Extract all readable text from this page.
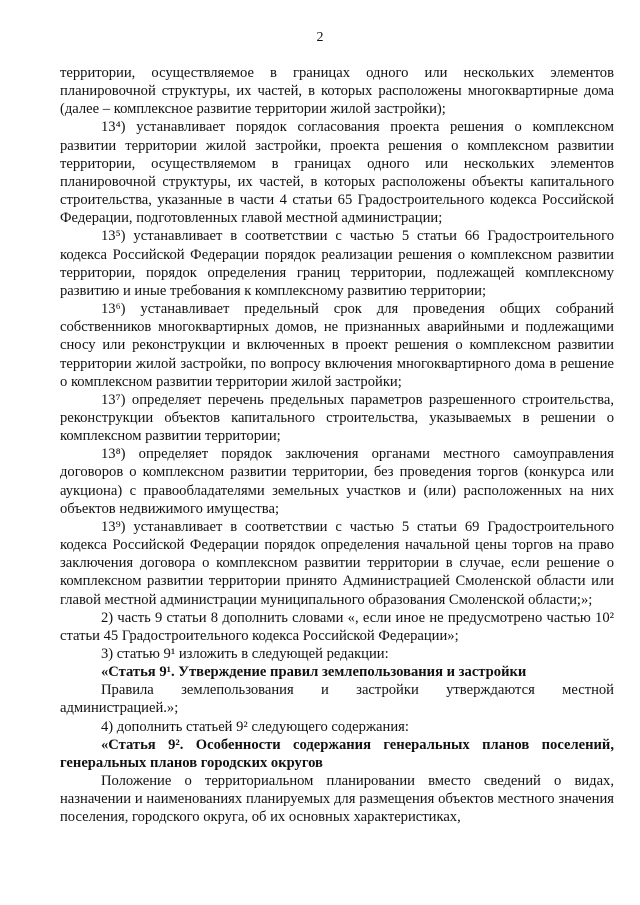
2

территории, осуществляемое в границах одного или нескольких элементов планировочной структуры, их частей, в которых расположены многоквартирные дома (далее – комплексное развитие территории жилой застройки);

13⁴) устанавливает порядок согласования проекта решения о комплексном развитии территории жилой застройки, проекта решения о комплексном развитии территории, осуществляемом в границах одного или нескольких элементов планировочной структуры, их частей, в которых расположены объекты капитального строительства, указанные в части 4 статьи 65 Градостроительного кодекса Российской Федерации, подготовленных главой местной администрации;

13⁵) устанавливает в соответствии с частью 5 статьи 66 Градостроительного кодекса Российской Федерации порядок реализации решения о комплексном развитии территории, порядок определения границ территории, подлежащей комплексному развитию и иные требования к комплексному развитию территории;

13⁶) устанавливает предельный срок для проведения общих собраний собственников многоквартирных домов, не признанных аварийными и подлежащими сносу или реконструкции и включенных в проект решения о комплексном развитии территории жилой застройки, по вопросу включения многоквартирного дома в решение о комплексном развитии территории жилой застройки;

13⁷) определяет перечень предельных параметров разрешенного строительства, реконструкции объектов капитального строительства, указываемых в решении о комплексном развитии территории;

13⁸) определяет порядок заключения органами местного самоуправления договоров о комплексном развитии территории, без проведения торгов (конкурса или аукциона) с правообладателями земельных участков и (или) расположенных на них объектов недвижимого имущества;

13⁹) устанавливает в соответствии с частью 5 статьи 69 Градостроительного кодекса Российской Федерации порядок определения начальной цены торгов на право заключения договора о комплексном развитии территории в случае, если решение о комплексном развитии территории принято Администрацией Смоленской области или главой местной администрации муниципального образования Смоленской области;»;

2) часть 9 статьи 8 дополнить словами «, если иное не предусмотрено частью 10² статьи 45 Градостроительного кодекса Российской Федерации»;

3) статью 9¹ изложить в следующей редакции:

«Статья 9¹. Утверждение правил землепользования и застройки

Правила землепользования и застройки утверждаются местной администрацией.»;

4) дополнить статьей 9² следующего содержания:

«Статья 9². Особенности содержания генеральных планов поселений, генеральных планов городских округов

Положение о территориальном планировании вместо сведений о видах, назначении и наименованиях планируемых для размещения объектов местного значения поселения, городского округа, об их основных характеристиках,
